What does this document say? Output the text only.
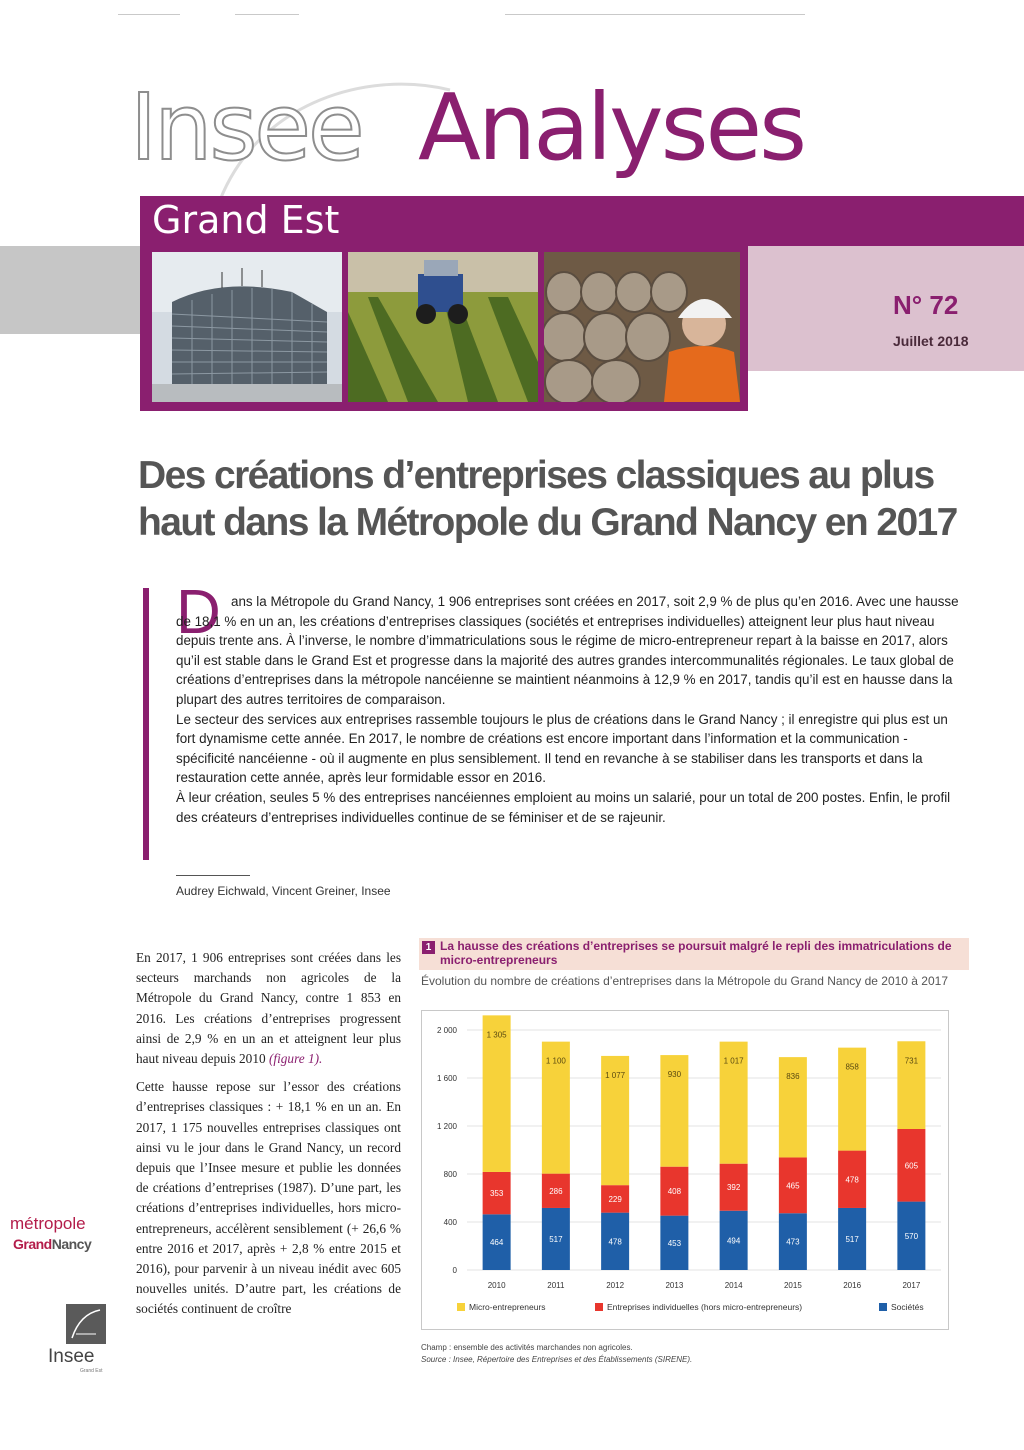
Insee Analyses
Grand Est
N° 72
Juillet 2018
Des créations d’entreprises classiques au plus haut dans la Métropole du Grand Nancy en 2017
D ans la Métropole du Grand Nancy, 1 906 entreprises sont créées en 2017, soit 2,9 % de plus qu’en 2016. Avec une hausse de 18,1 % en un an, les créations d’entreprises classiques (sociétés et entreprises individuelles) atteignent leur plus haut niveau depuis trente ans. À l’inverse, le nombre d’immatriculations sous le régime de micro-entrepreneur repart à la baisse en 2017, alors qu’il est stable dans le Grand Est et progresse dans la majorité des autres grandes intercommunalités régionales. Le taux global de créations d’entreprises dans la métropole nancéienne se maintient néanmoins à 12,9 % en 2017, tandis qu’il est en hausse dans la plupart des autres territoires de comparaison.

Le secteur des services aux entreprises rassemble toujours le plus de créations dans le Grand Nancy ; il enregistre qui plus est un fort dynamisme cette année. En 2017, le nombre de créations est encore important dans l’information et la communication - spécificité nancéienne - où il augmente en plus sensiblement. Il tend en revanche à se stabiliser dans les transports et dans la restauration cette année, après leur formidable essor en 2016.

À leur création, seules 5 % des entreprises nancéiennes emploient au moins un salarié, pour un total de 200 postes. Enfin, le profil des créateurs d’entreprises individuelles continue de se féminiser et de se rajeunir.

Audrey Eichwald, Vincent Greiner, Insee
métropole
GrandNancy
Insee
Grand Est

En 2017, 1 906 entreprises sont créées dans les secteurs marchands non agricoles de la Métropole du Grand Nancy, contre 1 853 en 2016. Les créations d’entreprises progressent ainsi de 2,9 % en un an et atteignent leur plus haut niveau depuis 2010 (figure 1).

Cette hausse repose sur l’essor des créations d’entreprises classiques : + 18,1 % en un an. En 2017, 1 175 nouvelles entreprises classiques ont ainsi vu le jour dans le Grand Nancy, un record depuis que l’Insee mesure et publie les données de créations d’entreprises (1987). D’une part, les créations d’entreprises individuelles, hors micro- entrepreneurs, accélèrent sensiblement (+ 26,6 % entre 2016 et 2017, après + 2,8 % entre 2015 et 2016), pour parvenir à un niveau inédit avec 605 nouvelles unités. D’autre part, les créations de sociétés continuent de croître

1 La hausse des créations d’entreprises se poursuit malgré le repli des immatriculations de micro-entrepreneurs
Évolution du nombre de créations d’entreprises dans la Métropole du Grand Nancy de 2010 à 2017
0
400
800
1 200
1 600
2 000
464
353
1 305
2010
517
286
1 100
2011
478
229
1 077
2012
453
408
930
2013
494
392
1 017
2014
473
465
836
2015
517
478
858
2016
570
605
731
2017
Micro-entrepreneurs	Entreprises individuelles (hors micro-entrepreneurs)	Sociétés
Champ : ensemble des activités marchandes non agricoles.
Source : Insee, Répertoire des Entreprises et des Établissements (SIRENE).
